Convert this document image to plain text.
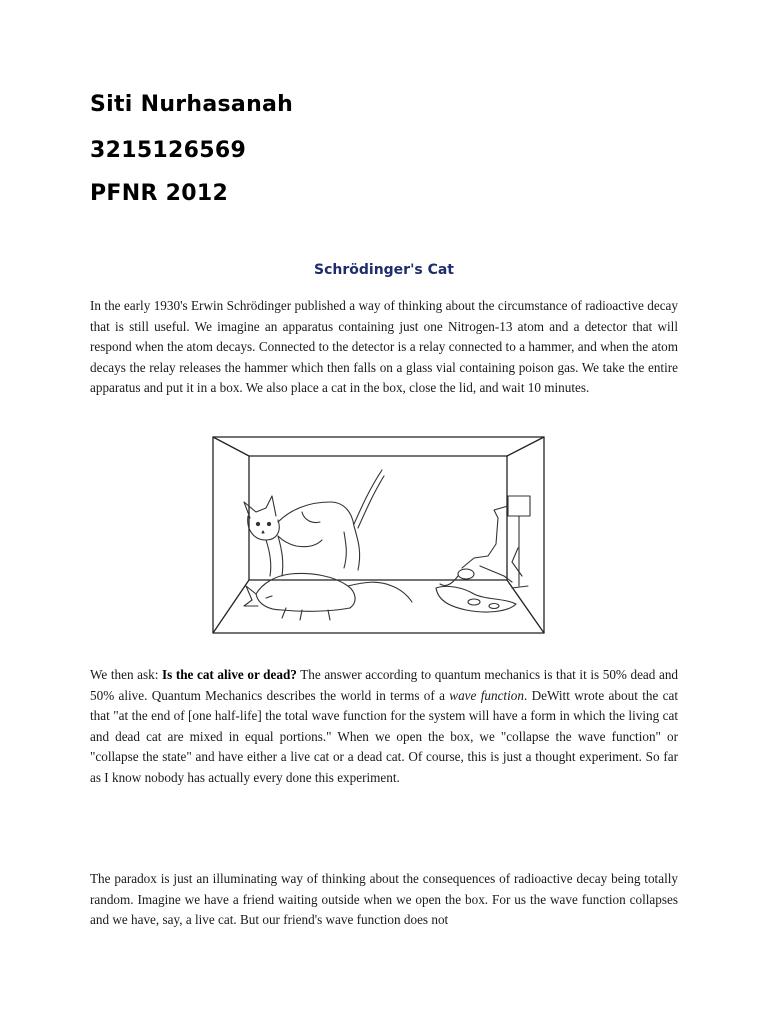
Siti Nurhasanah

3215126569

PFNR 2012

Schrödinger's Cat

In the early 1930's Erwin Schrödinger published a way of thinking about the circumstance of radioactive decay that is still useful. We imagine an apparatus containing just one Nitrogen-13 atom and a detector that will respond when the atom decays. Connected to the detector is a relay connected to a hammer, and when the atom decays the relay releases the hammer which then falls on a glass vial containing poison gas. We take the entire apparatus and put it in a box. We also place a cat in the box, close the lid, and wait 10 minutes.

We then ask: Is the cat alive or dead? The answer according to quantum mechanics is that it is 50% dead and 50% alive. Quantum Mechanics describes the world in terms of a wave function. DeWitt wrote about the cat that "at the end of [one half-life] the total wave function for the system will have a form in which the living cat and dead cat are mixed in equal portions." When we open the box, we "collapse the wave function" or "collapse the state" and have either a live cat or a dead cat. Of course, this is just a thought experiment. So far as I know nobody has actually every done this experiment.

The paradox is just an illuminating way of thinking about the consequences of radioactive decay being totally random. Imagine we have a friend waiting outside when we open the box. For us the wave function collapses and we have, say, a live cat. But our friend's wave function does not
